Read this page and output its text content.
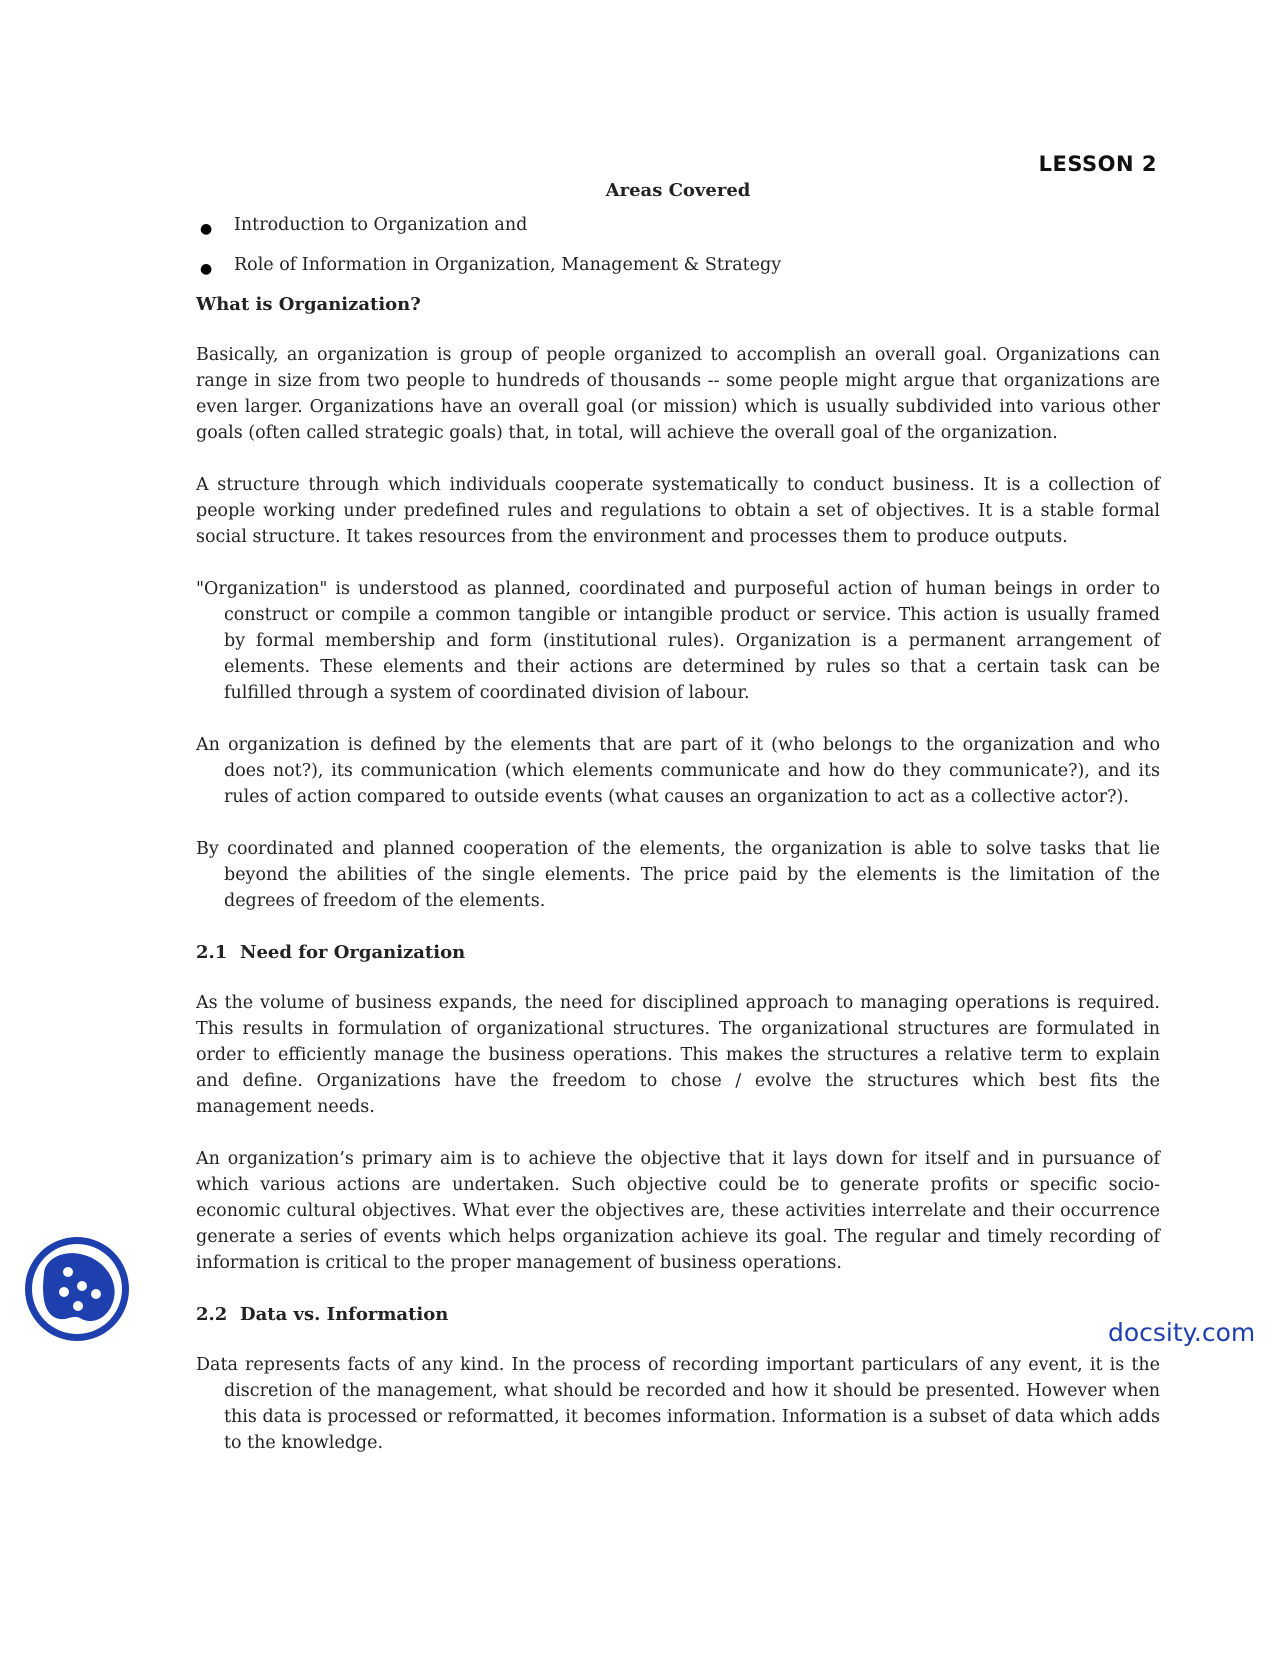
LESSON 2
Areas Covered
● Introduction to Organization and
● Role of Information in Organization, Management & Strategy
What is Organization?

Basically, an organization is group of people organized to accomplish an overall goal. Organizations can range in size from two people to hundreds of thousands -- some people might argue that organizations are even larger. Organizations have an overall goal (or mission) which is usually subdivided into various other goals (often called strategic goals) that, in total, will achieve the overall goal of the organization.

A structure through which individuals cooperate systematically to conduct business. It is a collection of people working under predefined rules and regulations to obtain a set of objectives. It is a stable formal social structure. It takes resources from the environment and processes them to produce outputs.

"Organization" is understood as planned, coordinated and purposeful action of human beings in order to construct or compile a common tangible or intangible product or service. This action is usually framed by formal membership and form (institutional rules). Organization is a permanent arrangement of elements. These elements and their actions are determined by rules so that a certain task can be fulfilled through a system of coordinated division of labour.

An organization is defined by the elements that are part of it (who belongs to the organization and who does not?), its communication (which elements communicate and how do they communicate?), and its rules of action compared to outside events (what causes an organization to act as a collective actor?).

By coordinated and planned cooperation of the elements, the organization is able to solve tasks that lie beyond the abilities of the single elements. The price paid by the elements is the limitation of the degrees of freedom of the elements.

2.1 Need for Organization

As the volume of business expands, the need for disciplined approach to managing operations is required. This results in formulation of organizational structures. The organizational structures are formulated in order to efficiently manage the business operations. This makes the structures a relative term to explain and define. Organizations have the freedom to chose / evolve the structures which best fits the management needs.

An organization’s primary aim is to achieve the objective that it lays down for itself and in pursuance of which various actions are undertaken. Such objective could be to generate profits or specific socio-economic cultural objectives. What ever the objectives are, these activities interrelate and their occurrence generate a series of events which helps organization achieve its goal. The regular and timely recording of information is critical to the proper management of business operations.

2.2 Data vs. Information

Data represents facts of any kind. In the process of recording important particulars of any event, it is the discretion of the management, what should be recorded and how it should be presented. However when this data is processed or reformatted, it becomes information. Information is a subset of data which adds to the knowledge.

docsity.com
